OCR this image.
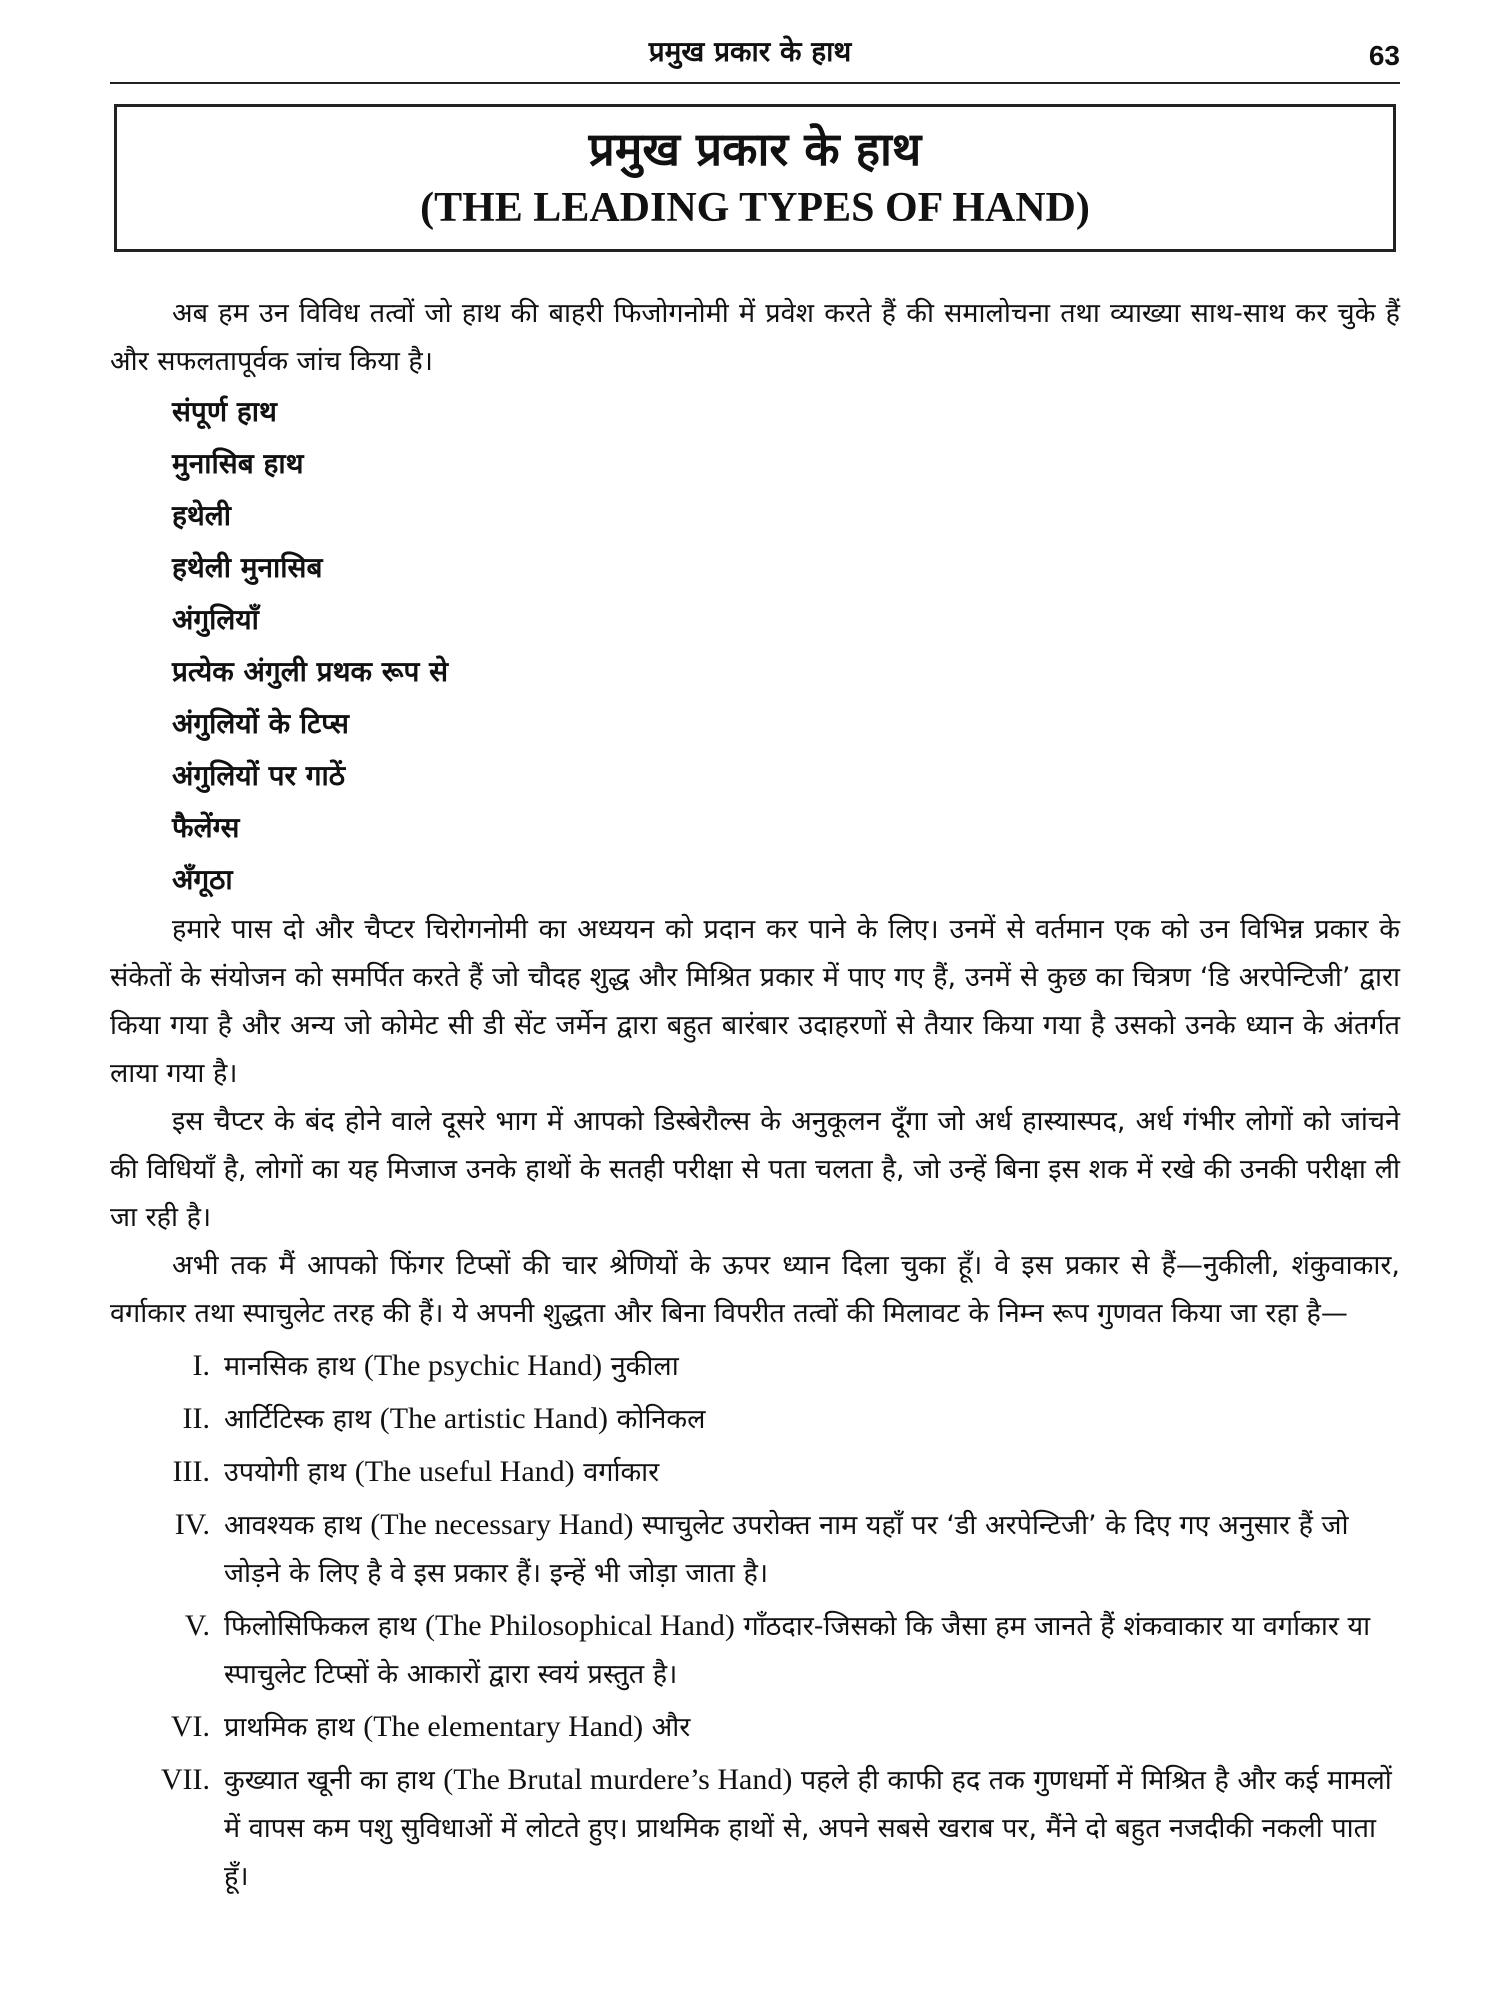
प्रमुख प्रकार के हाथ	63
प्रमुख प्रकार के हाथ
(THE LEADING TYPES OF HAND)

अब हम उन विविध तत्वों जो हाथ की बाहरी फिजोगनोमी में प्रवेश करते हैं की समालोचना तथा व्याख्या साथ-साथ कर चुके हैं और सफलतापूर्वक जांच किया है।

संपूर्ण हाथ
मुनासिब हाथ
हथेली
हथेली मुनासिब
अंगुलियाँ
प्रत्येक अंगुली प्रथक रूप से
अंगुलियों के टिप्स
अंगुलियों पर गाठें
फैलेंग्स
अँगूठा

हमारे पास दो और चैप्टर चिरोगनोमी का अध्ययन को प्रदान कर पाने के लिए। उनमें से वर्तमान एक को उन विभिन्न प्रकार के संकेतों के संयोजन को समर्पित करते हैं जो चौदह शुद्ध और मिश्रित प्रकार में पाए गए हैं, उनमें से कुछ का चित्रण ‘डि अरपेन्टिजी’ द्वारा किया गया है और अन्य जो कोमेट सी डी सेंट जर्मेन द्वारा बहुत बारंबार उदाहरणों से तैयार किया गया है उसको उनके ध्यान के अंतर्गत लाया गया है।

इस चैप्टर के बंद होने वाले दूसरे भाग में आपको डिस्बेरौल्स के अनुकूलन दूँगा जो अर्ध हास्यास्पद, अर्ध गंभीर लोगों को जांचने की विधियाँ है, लोगों का यह मिजाज उनके हाथों के सतही परीक्षा से पता चलता है, जो उन्हें बिना इस शक में रखे की उनकी परीक्षा ली जा रही है।

अभी तक मैं आपको फिंगर टिप्सों की चार श्रेणियों के ऊपर ध्यान दिला चुका हूँ। वे इस प्रकार से हैं—नुकीली, शंकुवाकार, वर्गाकार तथा स्पाचुलेट तरह की हैं। ये अपनी शुद्धता और बिना विपरीत तत्वों की मिलावट के निम्न रूप गुणवत किया जा रहा है—

I. मानसिक हाथ (The psychic Hand) नुकीला
II. आर्टिटिस्क हाथ (The artistic Hand) कोनिकल
III. उपयोगी हाथ (The useful Hand) वर्गाकार
IV. आवश्यक हाथ (The necessary Hand) स्पाचुलेट उपरोक्त नाम यहाँ पर ‘डी अरपेन्टिजी’ के दिए गए अनुसार हैं जो जोड़ने के लिए है वे इस प्रकार हैं। इन्हें भी जोड़ा जाता है।
V. फिलोसिफिकल हाथ (The Philosophical Hand) गाँठदार-जिसको कि जैसा हम जानते हैं शंकवाकार या वर्गाकार या स्पाचुलेट टिप्सों के आकारों द्वारा स्वयं प्रस्तुत है।
VI. प्राथमिक हाथ (The elementary Hand) और
VII. कुख्यात खूनी का हाथ (The Brutal murdere’s Hand) पहले ही काफी हद तक गुणधर्मो में मिश्रित है और कई मामलों में वापस कम पशु सुविधाओं में लोटते हुए। प्राथमिक हाथों से, अपने सबसे खराब पर, मैंने दो बहुत नजदीकी नकली पाता हूँ।
